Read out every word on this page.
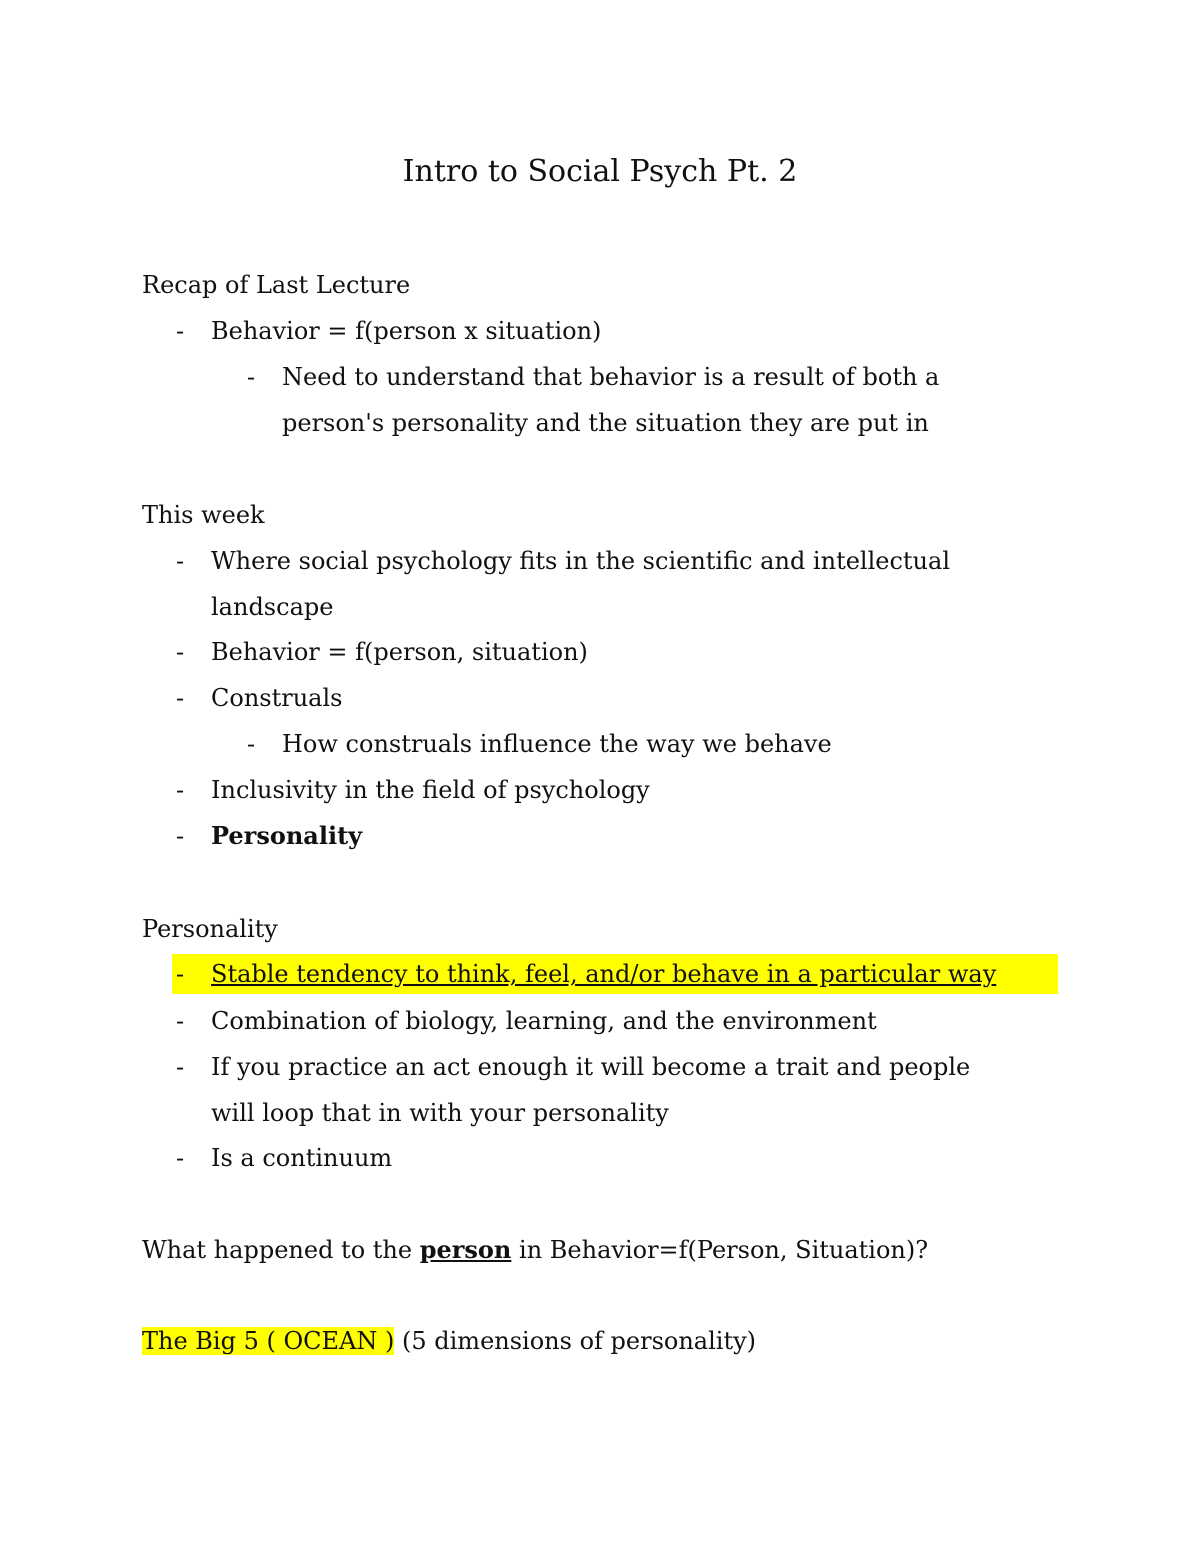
Intro to Social Psych Pt. 2
Recap of Last Lecture
- Behavior = f(person x situation)
- Need to understand that behavior is a result of both a
person's personality and the situation they are put in
This week
- Where social psychology fits in the scientific and intellectual
landscape
- Behavior = f(person, situation)
- Construals
- How construals influence the way we behave
- Inclusivity in the field of psychology
- Personality
Personality
- Stable tendency to think, feel, and/or behave in a particular way
- Combination of biology, learning, and the environment
- If you practice an act enough it will become a trait and people
will loop that in with your personality
- Is a continuum
What happened to the person in Behavior=f(Person, Situation)?
The Big 5 ( OCEAN ) (5 dimensions of personality)
